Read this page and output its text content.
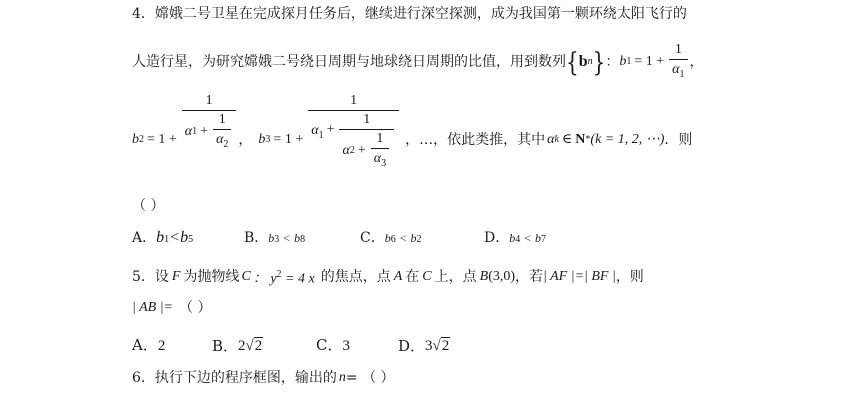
4．嫦娥二号卫星在完成探月任务后，继续进行深空探测，成为我国第一颗环绕太阳飞行的
人造行星，为研究嫦娥二号绕日周期与地球绕日周期的比值，用到数列 { b n } ： b $1 = 1 + \frac{1}{\alpha_1}$ ，
b $2 = 1 + \frac{1}{\alpha 1 + \frac{1}{\alpha_2}}$ ， b 3 = 1 +
1
$\alpha_1 + \frac{1}{\alpha 2 + \frac{1}{\alpha_3}}$ ，…，依此类推，其中 α k ∈ N * (k = 1, 2, ⋯) ．则
（ ）
A． b 1 < b 5	B． b 3 < b 8	C． b 6 < b 2	D． b 4 < b 7
5．设 F 为抛物线 C ： $y^2 = 4$ x 的焦点，点 A 在 C 上，点 B (3,0) ，若 | AF |=| BF | ，则
| AB |= （ ）
A．2	B． 2 √ 2	C．3	D． 3 √ 2
6．执行下边的程序框图，输出的 n = （ ）
